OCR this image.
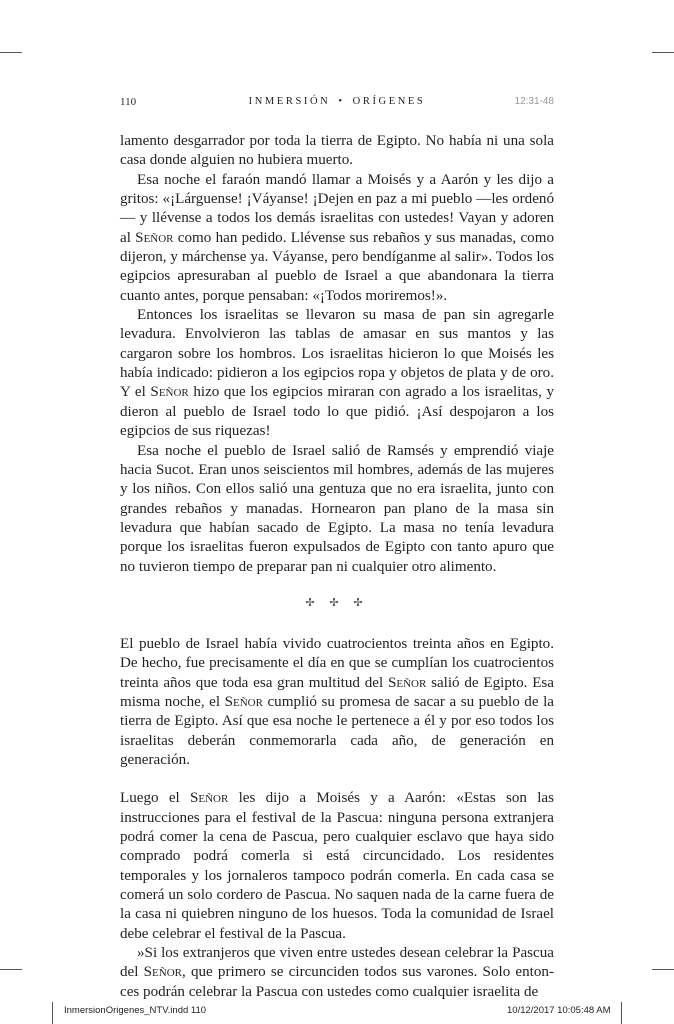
110	INMERSIÓN • ORÍGENES	12:31-48

lamento desgarrador por toda la tierra de Egipto. No había ni una sola casa donde alguien no hubiera muerto.

Esa noche el faraón mandó llamar a Moisés y a Aarón y les dijo a gritos: «¡Lárguense! ¡Váyanse! ¡Dejen en paz a mi pueblo —les ordenó— y llévense a todos los demás israelitas con ustedes! Vayan y adoren al Señor como han pedido. Llévense sus rebaños y sus manadas, como dijeron, y márchense ya. Váyanse, pero bendíganme al salir». Todos los egipcios apresuraban al pueblo de Israel a que abandonara la tierra cuanto antes, porque pensaban: «¡Todos moriremos!».

Entonces los israelitas se llevaron su masa de pan sin agregarle levadura. Envolvieron las tablas de amasar en sus mantos y las cargaron sobre los hombros. Los israelitas hicieron lo que Moisés les había indicado: pidieron a los egipcios ropa y objetos de plata y de oro. Y el Señor hizo que los egipcios miraran con agrado a los israelitas, y dieron al pueblo de Israel todo lo que pidió. ¡Así despojaron a los egipcios de sus riquezas!

Esa noche el pueblo de Israel salió de Ramsés y emprendió viaje hacia Sucot. Eran unos seiscientos mil hombres, además de las mujeres y los niños. Con ellos salió una gentuza que no era israelita, junto con grandes rebaños y manadas. Hornearon pan plano de la masa sin levadura que habían sacado de Egipto. La masa no tenía levadura porque los israelitas fueron expulsados de Egipto con tanto apuro que no tuvieron tiempo de preparar pan ni cualquier otro alimento.

✢ ✢ ✢

El pueblo de Israel había vivido cuatrocientos treinta años en Egipto. De hecho, fue precisamente el día en que se cumplían los cuatrocientos treinta años que toda esa gran multitud del Señor salió de Egipto. Esa misma noche, el Señor cumplió su promesa de sacar a su pueblo de la tierra de Egipto. Así que esa noche le pertenece a él y por eso todos los israelitas deberán conmemorarla cada año, de generación en generación.

Luego el Señor les dijo a Moisés y a Aarón: «Estas son las instrucciones para el festival de la Pascua: ninguna persona extranjera podrá comer la cena de Pascua, pero cualquier esclavo que haya sido comprado podrá comerla si está circuncidado. Los residentes temporales y los jornaleros tampoco podrán comerla. En cada casa se comerá un solo cordero de Pascua. No saquen nada de la carne fuera de la casa ni quiebren ninguno de los huesos. Toda la comunidad de Israel debe celebrar el festival de la Pascua.

»Si los extranjeros que viven entre ustedes desean celebrar la Pascua del Señor, que primero se circunciden todos sus varones. Solo entonces podrán celebrar la Pascua con ustedes como cualquier israelita de

InmersionOrigenes_NTV.indd 110	10/12/2017 10:05:48 AM
